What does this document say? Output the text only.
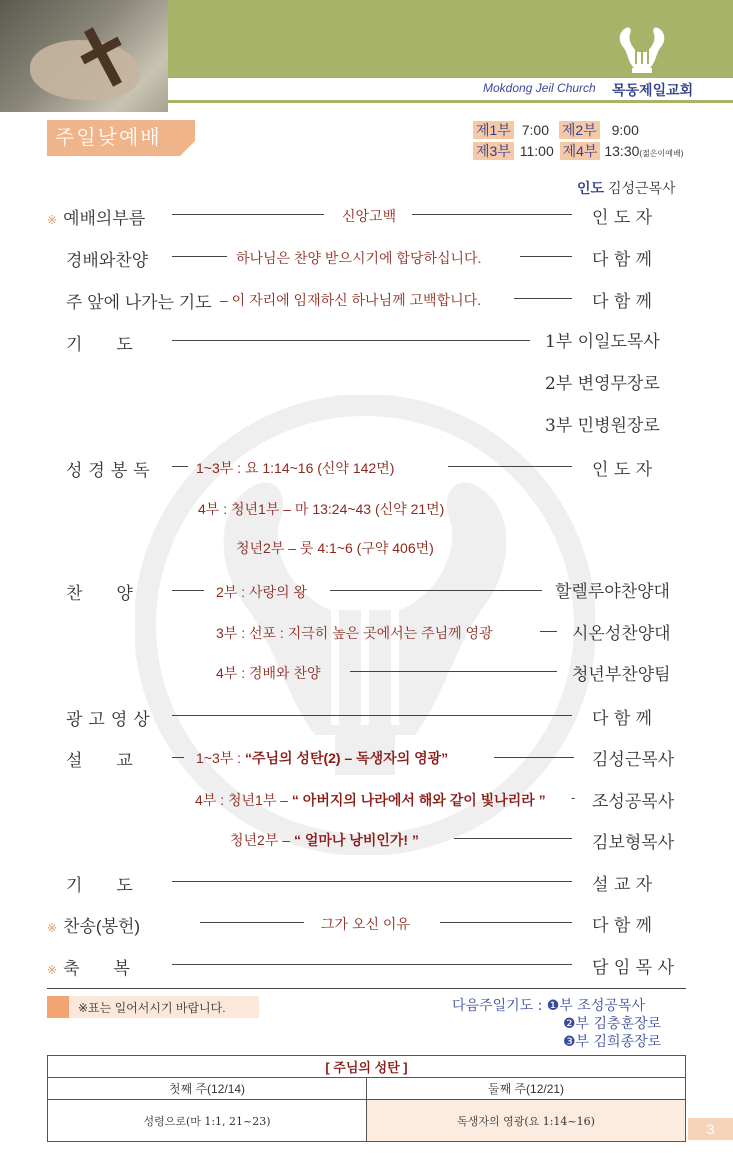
Mokdong Jeil Church 목동제일교회
주일낮예배	제1부 7:00 제2부 9:00
제3부 11:00 제4부 13:30(젊은이예배)
인도 김성근목사
※ 예배의부름	신앙고백	인 도 자
경배와찬양	하나님은 찬양 받으시기에 합당하십니다.	다 함 께
주 앞에 나가는 기도 – 이 자리에 임재하신 하나님께 고백합니다.	다 함 께
기　　도	1부 이일도목사
2부 변영무장로
3부 민병원장로
성경봉독	1~3부 : 요 1:14~16 (신약 142면)	인 도 자
4부 : 청년1부 – 마 13:24~43 (신약 21면)
청년2부 – 룻 4:1~6 (구약 406면)
찬　　양	2부 : 사랑의 왕	할렐루야찬양대
3부 : 선포 : 지극히 높은 곳에서는 주님께 영광	시온성찬양대
4부 : 경배와 찬양	청년부찬양팀
광고영상	다 함 께
설　　교	1~3부 : “주님의 성탄(2) – 독생자의 영광”	김성근목사
4부 : 청년1부 – “ 아버지의 나라에서 해와 같이 빛나리라 ” - 조성공목사
청년2부 – “ 얼마나 낭비인가! ”	김보형목사
기　　도	설 교 자
※ 찬송(봉헌)	그가 오신 이유	다 함 께
※ 축　　복	담 임 목 사
※표는 일어서시기 바랍니다.	다음주일기도 : ❶부 조성공목사
❷부 김충훈장로
❸부 김희종장로
[ 주님의 성탄 ]	
첫째 주(12/14)	둘째 주(12/21)
성령으로(마 1:1, 21~23)	독생자의 영광(요 1:14~16)	3
